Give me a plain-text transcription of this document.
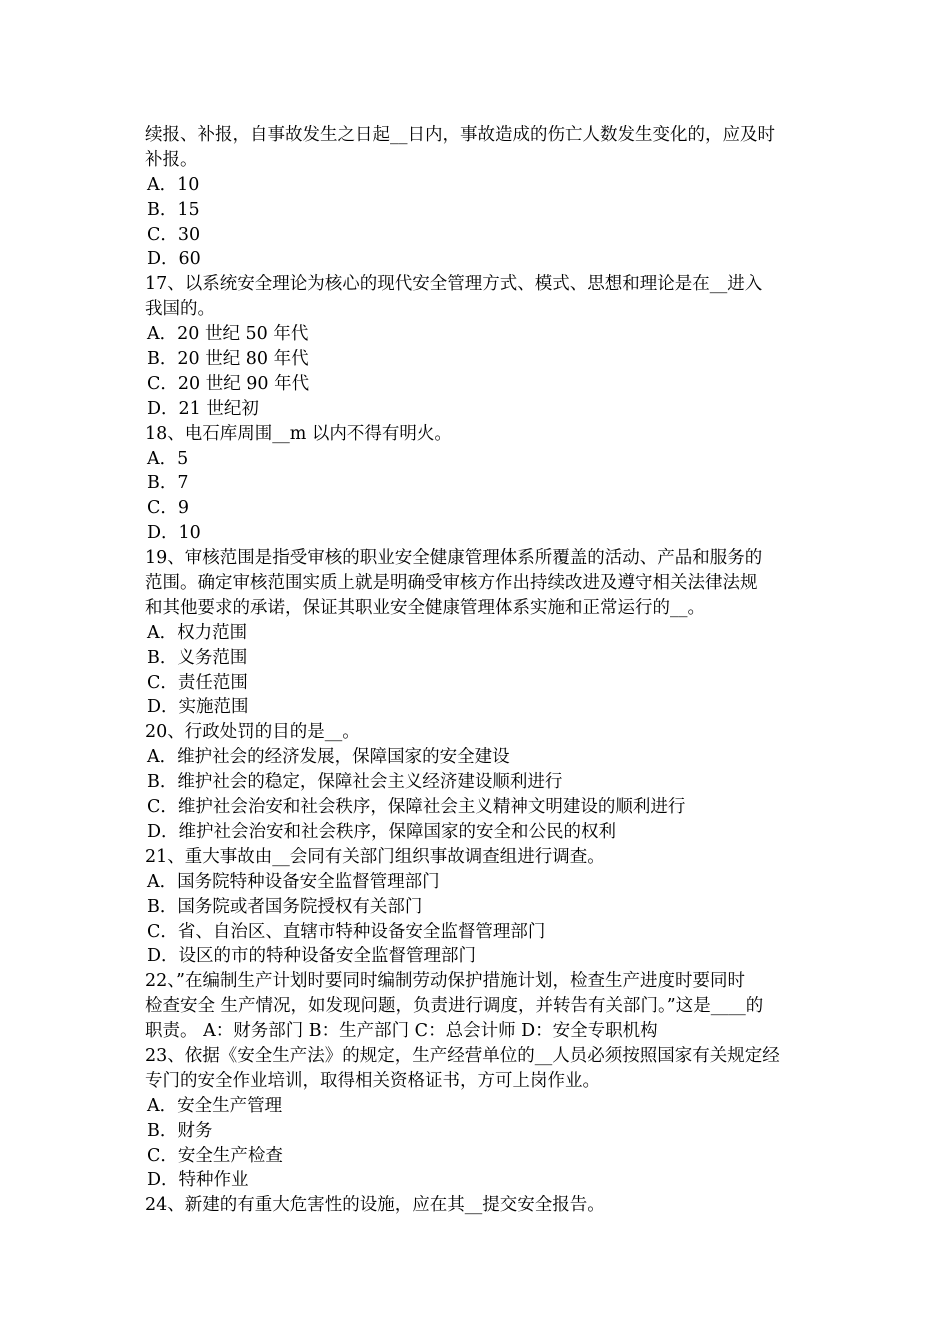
续报、补报，自事故发生之日起__日内，事故造成的伤亡人数发生变化的，应及时
补报。
A．10
B．15
C．30
D．60
17、以系统安全理论为核心的现代安全管理方式、模式、思想和理论是在__进入
我国的。
A．20 世纪 50 年代
B．20 世纪 80 年代
C．20 世纪 90 年代
D．21 世纪初
18、电石库周围__m 以内不得有明火。
A．5
B．7
C．9
D．10
19、审核范围是指受审核的职业安全健康管理体系所覆盖的活动、产品和服务的
范围。确定审核范围实质上就是明确受审核方作出持续改进及遵守相关法律法规
和其他要求的承诺，保证其职业安全健康管理体系实施和正常运行的__。
A．权力范围
B．义务范围
C．责任范围
D．实施范围
20、行政处罚的目的是__。
A．维护社会的经济发展，保障国家的安全建设
B．维护社会的稳定，保障社会主义经济建设顺利进行
C．维护社会治安和社会秩序，保障社会主义精神文明建设的顺利进行
D．维护社会治安和社会秩序，保障国家的安全和公民的权利
21、重大事故由__会同有关部门组织事故调查组进行调查。
A．国务院特种设备安全监督管理部门
B．国务院或者国务院授权有关部门
C．省、自治区、直辖市特种设备安全监督管理部门
D．设区的市的特种设备安全监督管理部门
22、”在编制生产计划时要同时编制劳动保护措施计划，检查生产进度时要同时
检查安全 生产情况，如发现问题，负责进行调度，并转告有关部门。”这是____的
职责。 A：财务部门 B：生产部门 C：总会计师 D：安全专职机构
23、依据《安全生产法》的规定，生产经营单位的__人员必须按照国家有关规定经
专门的安全作业培训，取得相关资格证书，方可上岗作业。
A．安全生产管理
B．财务
C．安全生产检查
D．特种作业
24、新建的有重大危害性的设施，应在其__提交安全报告。
